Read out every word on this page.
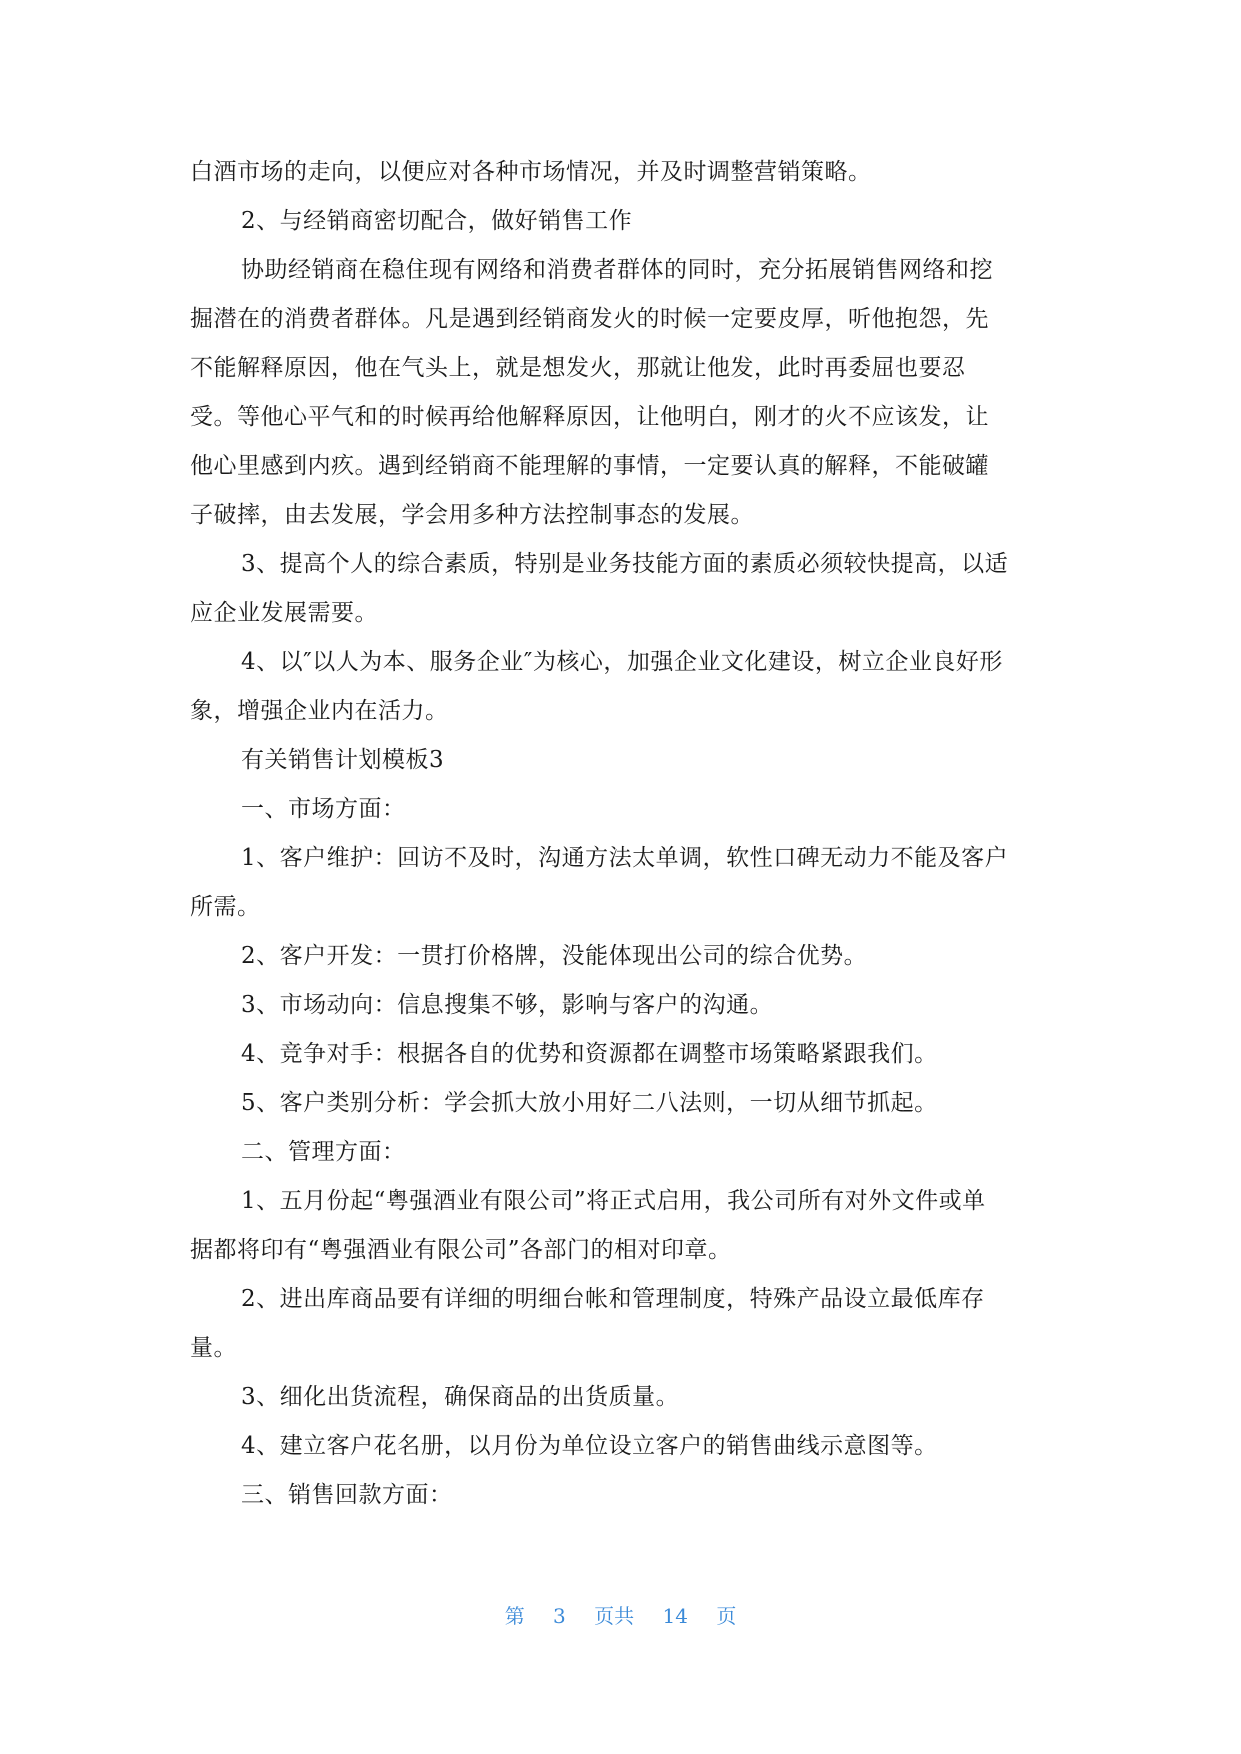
白酒市场的走向，以便应对各种市场情况，并及时调整营销策略。
2、与经销商密切配合，做好销售工作
协助经销商在稳住现有网络和消费者群体的同时，充分拓展销售网络和挖
掘潜在的消费者群体。凡是遇到经销商发火的时候一定要皮厚，听他抱怨，先
不能解释原因，他在气头上，就是想发火，那就让他发，此时再委屈也要忍
受。等他心平气和的时候再给他解释原因，让他明白，刚才的火不应该发，让
他心里感到内疚。遇到经销商不能理解的事情，一定要认真的解释，不能破罐
子破摔，由去发展，学会用多种方法控制事态的发展。
3、提高个人的综合素质，特别是业务技能方面的素质必须较快提高，以适
应企业发展需要。
4、以″以人为本、服务企业″为核心，加强企业文化建设，树立企业良好形
象，增强企业内在活力。
有关销售计划模板3
一、市场方面：
1、客户维护：回访不及时，沟通方法太单调，软性口碑无动力不能及客户
所需。
2、客户开发：一贯打价格牌，没能体现出公司的综合优势。
3、市场动向：信息搜集不够，影响与客户的沟通。
4、竞争对手：根据各自的优势和资源都在调整市场策略紧跟我们。
5、客户类别分析：学会抓大放小用好二八法则，一切从细节抓起。
二、管理方面：
1、五月份起“粤强酒业有限公司”将正式启用，我公司所有对外文件或单
据都将印有“粤强酒业有限公司”各部门的相对印章。
2、进出库商品要有详细的明细台帐和管理制度，特殊产品设立最低库存
量。
3、细化出货流程，确保商品的出货质量。
4、建立客户花名册，以月份为单位设立客户的销售曲线示意图等。
三、销售回款方面：
第 3 页共 14 页
